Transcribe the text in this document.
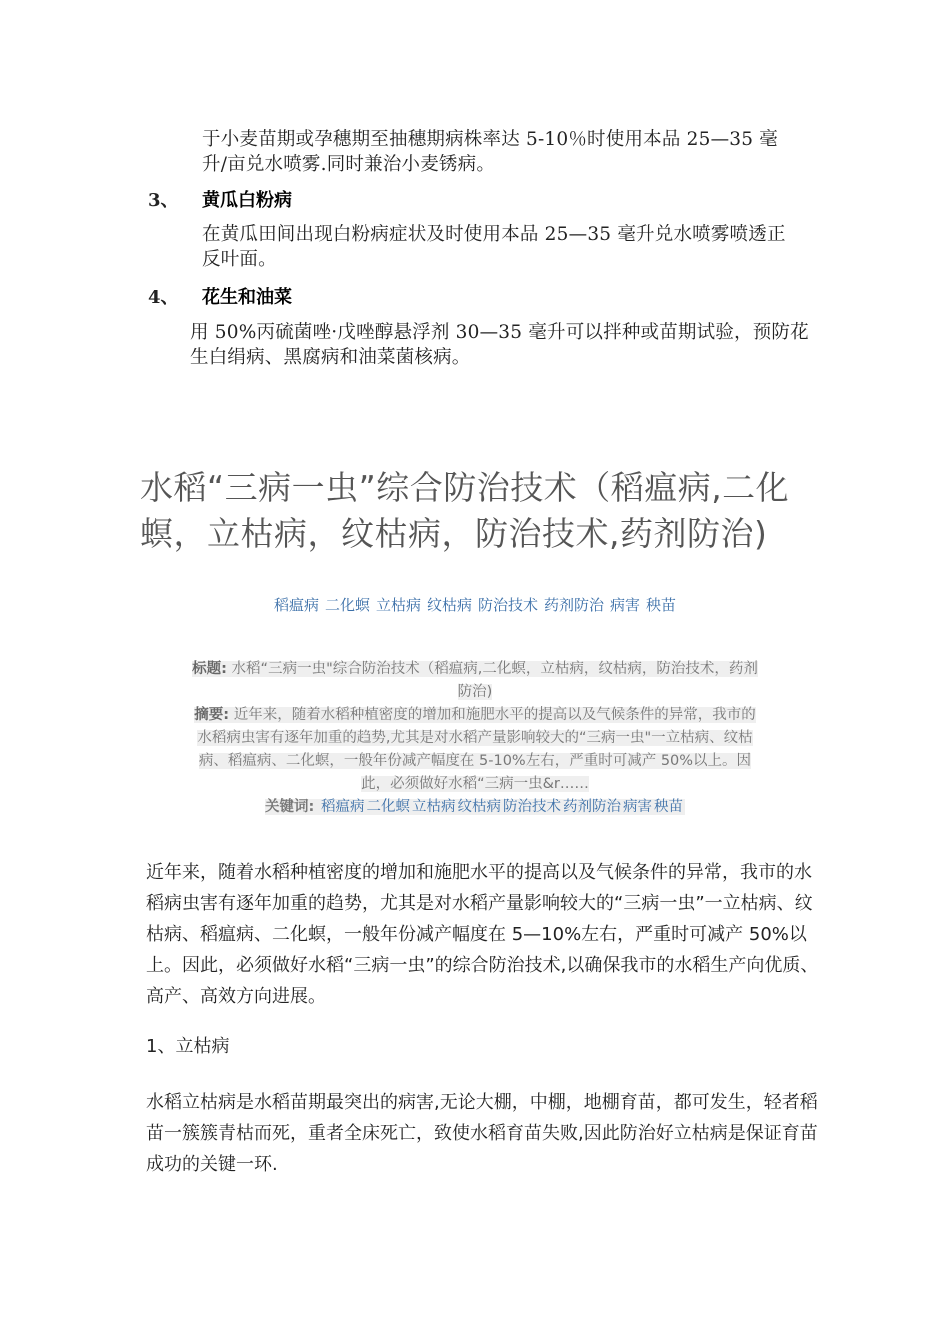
于小麦苗期或孕穗期至抽穗期病株率达 5-10％时使用本品 25—35 毫升/亩兑水喷雾.同时兼治小麦锈病。
3、 黄瓜白粉病
在黄瓜田间出现白粉病症状及时使用本品 25—35 毫升兑水喷雾喷透正反叶面。
4、 花生和油菜
用 50%丙硫菌唑·戊唑醇悬浮剂 30—35 毫升可以拌种或苗期试验，预防花生白绢病、黑腐病和油菜菌核病。
水稻“三病一虫”综合防治技术（稻瘟病,二化螟，立枯病，纹枯病，防治技术,药剂防治)
稻瘟病 二化螟 立枯病 纹枯病 防治技术 药剂防治 病害 秧苗
标题: 水稻“三病一虫"综合防治技术（稻瘟病,二化螟，立枯病，纹枯病，防治技术，药剂防治)
摘要: 近年来，随着水稻种植密度的增加和施肥水平的提高以及气候条件的异常，我市的水稻病虫害有逐年加重的趋势,尤其是对水稻产量影响较大的“三病一虫"一立枯病、纹枯病、稻瘟病、二化螟，一般年份减产幅度在 5-10%左右，严重时可减产 50%以上。因此，必须做好水稻“三病一虫&r……
关键词: 稻瘟病 二化螟 立枯病 纹枯病 防治技术 药剂防治 病害 秧苗
近年来，随着水稻种植密度的增加和施肥水平的提高以及气候条件的异常，我市的水稻病虫害有逐年加重的趋势，尤其是对水稻产量影响较大的“三病一虫”一立枯病、纹枯病、稻瘟病、二化螟，一般年份减产幅度在 5—10%左右，严重时可减产 50%以上。因此，必须做好水稻“三病一虫”的综合防治技术,以确保我市的水稻生产向优质、高产、高效方向进展。
1、立枯病
水稻立枯病是水稻苗期最突出的病害,无论大棚，中棚，地棚育苗，都可发生，轻者稻苗一簇簇青枯而死，重者全床死亡，致使水稻育苗失败,因此防治好立枯病是保证育苗成功的关键一环.
